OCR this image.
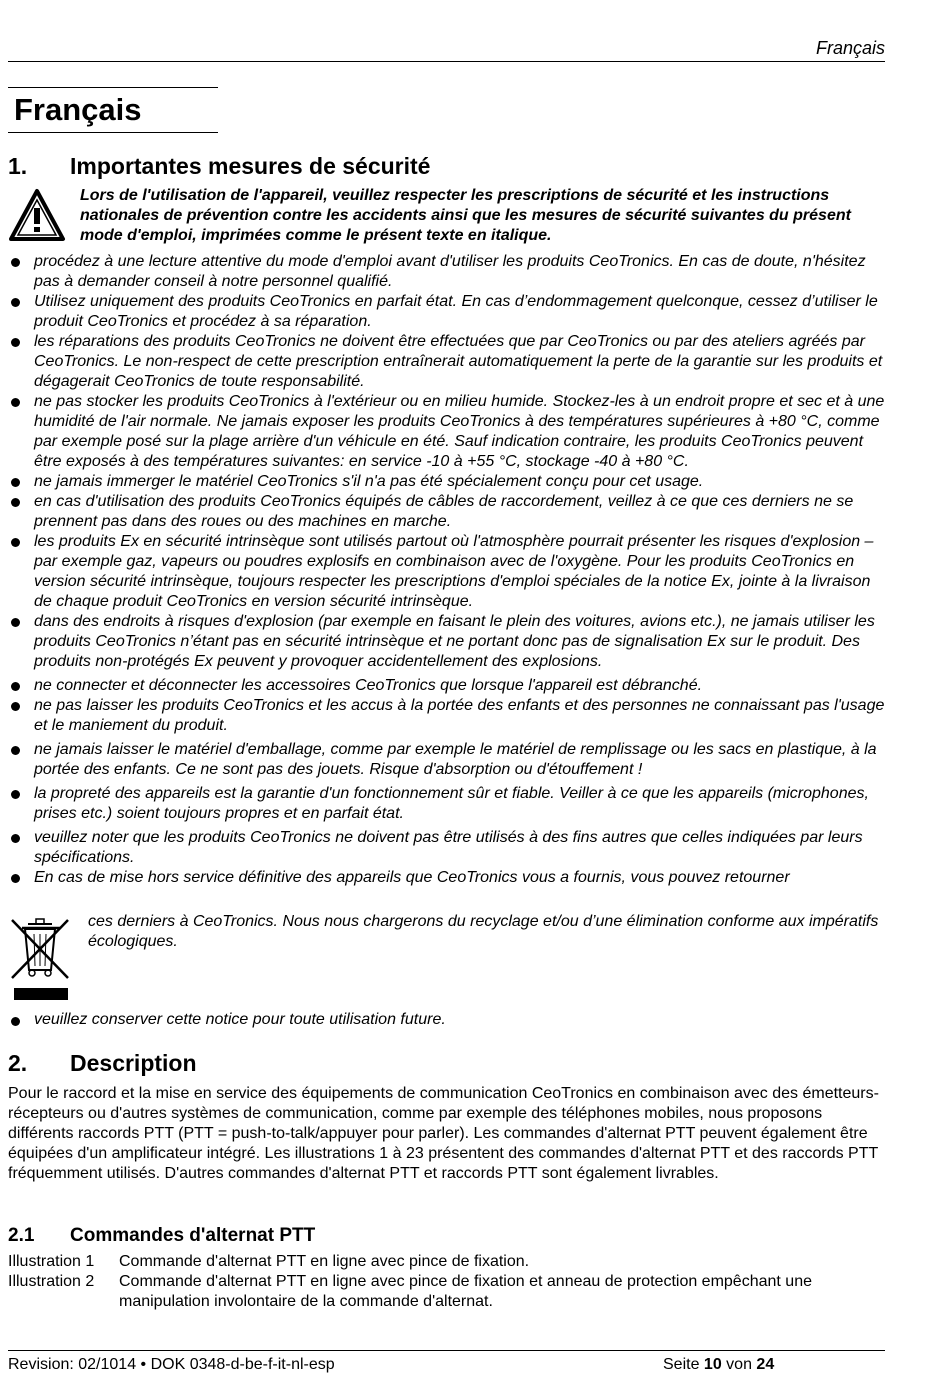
Français
Français
1. Importantes mesures de sécurité
Lors de l'utilisation de l'appareil, veuillez respecter les prescriptions de sécurité et les instructions nationales de prévention contre les accidents ainsi que les mesures de sécurité suivantes du présent mode d'emploi, imprimées comme le présent texte en italique.
procédez à une lecture attentive du mode d'emploi avant d'utiliser les produits CeoTronics. En cas de doute, n'hésitez pas à demander conseil à notre personnel qualifié.
Utilisez uniquement des produits CeoTronics en parfait état. En cas d’endommagement quelconque, cessez d’utiliser le produit CeoTronics et procédez à sa réparation.
les réparations des produits CeoTronics ne doivent être effectuées que par CeoTronics ou par des ateliers agréés par CeoTronics. Le non-respect de cette prescription entraînerait automatiquement la perte de la garantie sur les produits et dégagerait CeoTronics de toute responsabilité.
ne pas stocker les produits CeoTronics à l'extérieur ou en milieu humide. Stockez-les à un endroit propre et sec et à une humidité de l'air normale. Ne jamais exposer les produits CeoTronics à des températures supérieures à +80 °C, comme par exemple posé sur la plage arrière d'un véhicule en été. Sauf indication contraire, les produits CeoTronics peuvent être exposés à des températures suivantes: en service -10 à +55 °C, stockage -40 à +80 °C.
ne jamais immerger le matériel CeoTronics s'il n'a pas été spécialement conçu pour cet usage.
en cas d'utilisation des produits CeoTronics équipés de câbles de raccordement, veillez à ce que ces derniers ne se prennent pas dans des roues ou des machines en marche.
les produits Ex en sécurité intrinsèque sont utilisés partout où l'atmosphère pourrait présenter les risques d'explosion – par exemple gaz, vapeurs ou poudres explosifs en combinaison avec de l'oxygène. Pour les produits CeoTronics en version sécurité intrinsèque, toujours respecter les prescriptions d'emploi spéciales de la notice Ex, jointe à la livraison de chaque produit CeoTronics en version sécurité intrinsèque.
dans des endroits à risques d'explosion (par exemple en faisant le plein des voitures, avions etc.), ne jamais utiliser les produits CeoTronics n’étant pas en sécurité intrinsèque et ne portant donc pas de signalisation Ex sur le produit. Des produits non-protégés Ex peuvent y provoquer accidentellement des explosions.
ne connecter et déconnecter les accessoires CeoTronics que lorsque l'appareil est débranché.
ne pas laisser les produits CeoTronics et les accus à la portée des enfants et des personnes ne connaissant pas l'usage et le maniement du produit.
ne jamais laisser le matériel d'emballage, comme par exemple le matériel de remplissage ou les sacs en plastique, à la portée des enfants. Ce ne sont pas des jouets. Risque d'absorption ou d'étouffement !
la propreté des appareils est la garantie d'un fonctionnement sûr et fiable. Veiller à ce que les appareils (microphones, prises etc.) soient toujours propres et en parfait état.
veuillez noter que les produits CeoTronics ne doivent pas être utilisés à des fins autres que celles indiquées par leurs spécifications.
En cas de mise hors service définitive des appareils que CeoTronics vous a fournis, vous pouvez retourner
ces derniers à CeoTronics. Nous nous chargerons du recyclage et/ou d’une élimination conforme aux impératifs écologiques.
veuillez conserver cette notice pour toute utilisation future.
2. Description
Pour le raccord et la mise en service des équipements de communication CeoTronics en combinaison avec des émetteurs-récepteurs ou d'autres systèmes de communication, comme par exemple des téléphones mobiles, nous proposons différents raccords PTT (PTT = push-to-talk/appuyer pour parler). Les commandes d'alternat PTT peuvent également être équipées d'un amplificateur intégré. Les illustrations 1 à 23 présentent des commandes d'alternat PTT et des raccords PTT fréquemment utilisés. D'autres commandes d'alternat PTT et raccords PTT sont également livrables.
2.1 Commandes d'alternat PTT
Illustration 1 Commande d'alternat PTT en ligne avec pince de fixation.
Illustration 2 Commande d'alternat PTT en ligne avec pince de fixation et anneau de protection empêchant une manipulation involontaire de la commande d'alternat.
Revision: 02/1014 • DOK 0348-d-be-f-it-nl-esp	Seite 10 von 24
